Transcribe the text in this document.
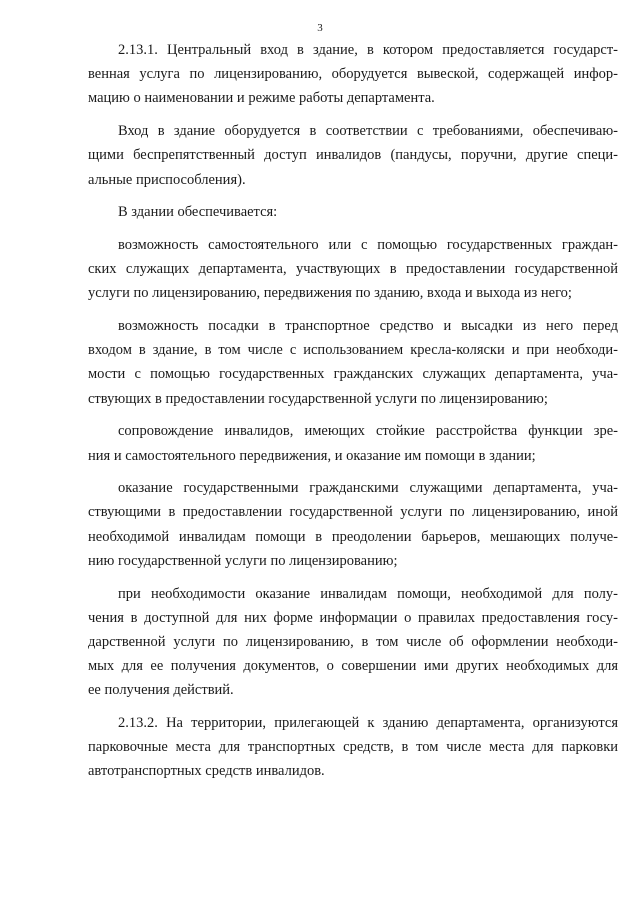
3

2.13.1. Центральный вход в здание, в котором предоставляется государст-
венная услуга по лицензированию, оборудуется вывеской, содержащей инфор-
мацию о наименовании и режиме работы департамента.

Вход в здание оборудуется в соответствии с требованиями, обеспечиваю-
щими беспрепятственный доступ инвалидов (пандусы, поручни, другие специ-
альные приспособления).

В здании обеспечивается:

возможность самостоятельного или с помощью государственных граждан-
ских служащих департамента, участвующих в предоставлении государственной
услуги по лицензированию, передвижения по зданию, входа и выхода из него;

возможность посадки в транспортное средство и высадки из него перед
входом в здание, в том числе с использованием кресла-коляски и при необходи-
мости с помощью государственных гражданских служащих департамента, уча-
ствующих в предоставлении государственной услуги по лицензированию;

сопровождение инвалидов, имеющих стойкие расстройства функции зре-
ния и самостоятельного передвижения, и оказание им помощи в здании;

оказание государственными гражданскими служащими департамента, уча-
ствующими в предоставлении государственной услуги по лицензированию, иной
необходимой инвалидам помощи в преодолении барьеров, мешающих получе-
нию государственной услуги по лицензированию;

при необходимости оказание инвалидам помощи, необходимой для полу-
чения в доступной для них форме информации о правилах предоставления госу-
дарственной услуги по лицензированию, в том числе об оформлении необходи-
мых для ее получения документов, о совершении ими других необходимых для
ее получения действий.

2.13.2. На территории, прилегающей к зданию департамента, организуются
парковочные места для транспортных средств, в том числе места для парковки
автотранспортных средств инвалидов.
